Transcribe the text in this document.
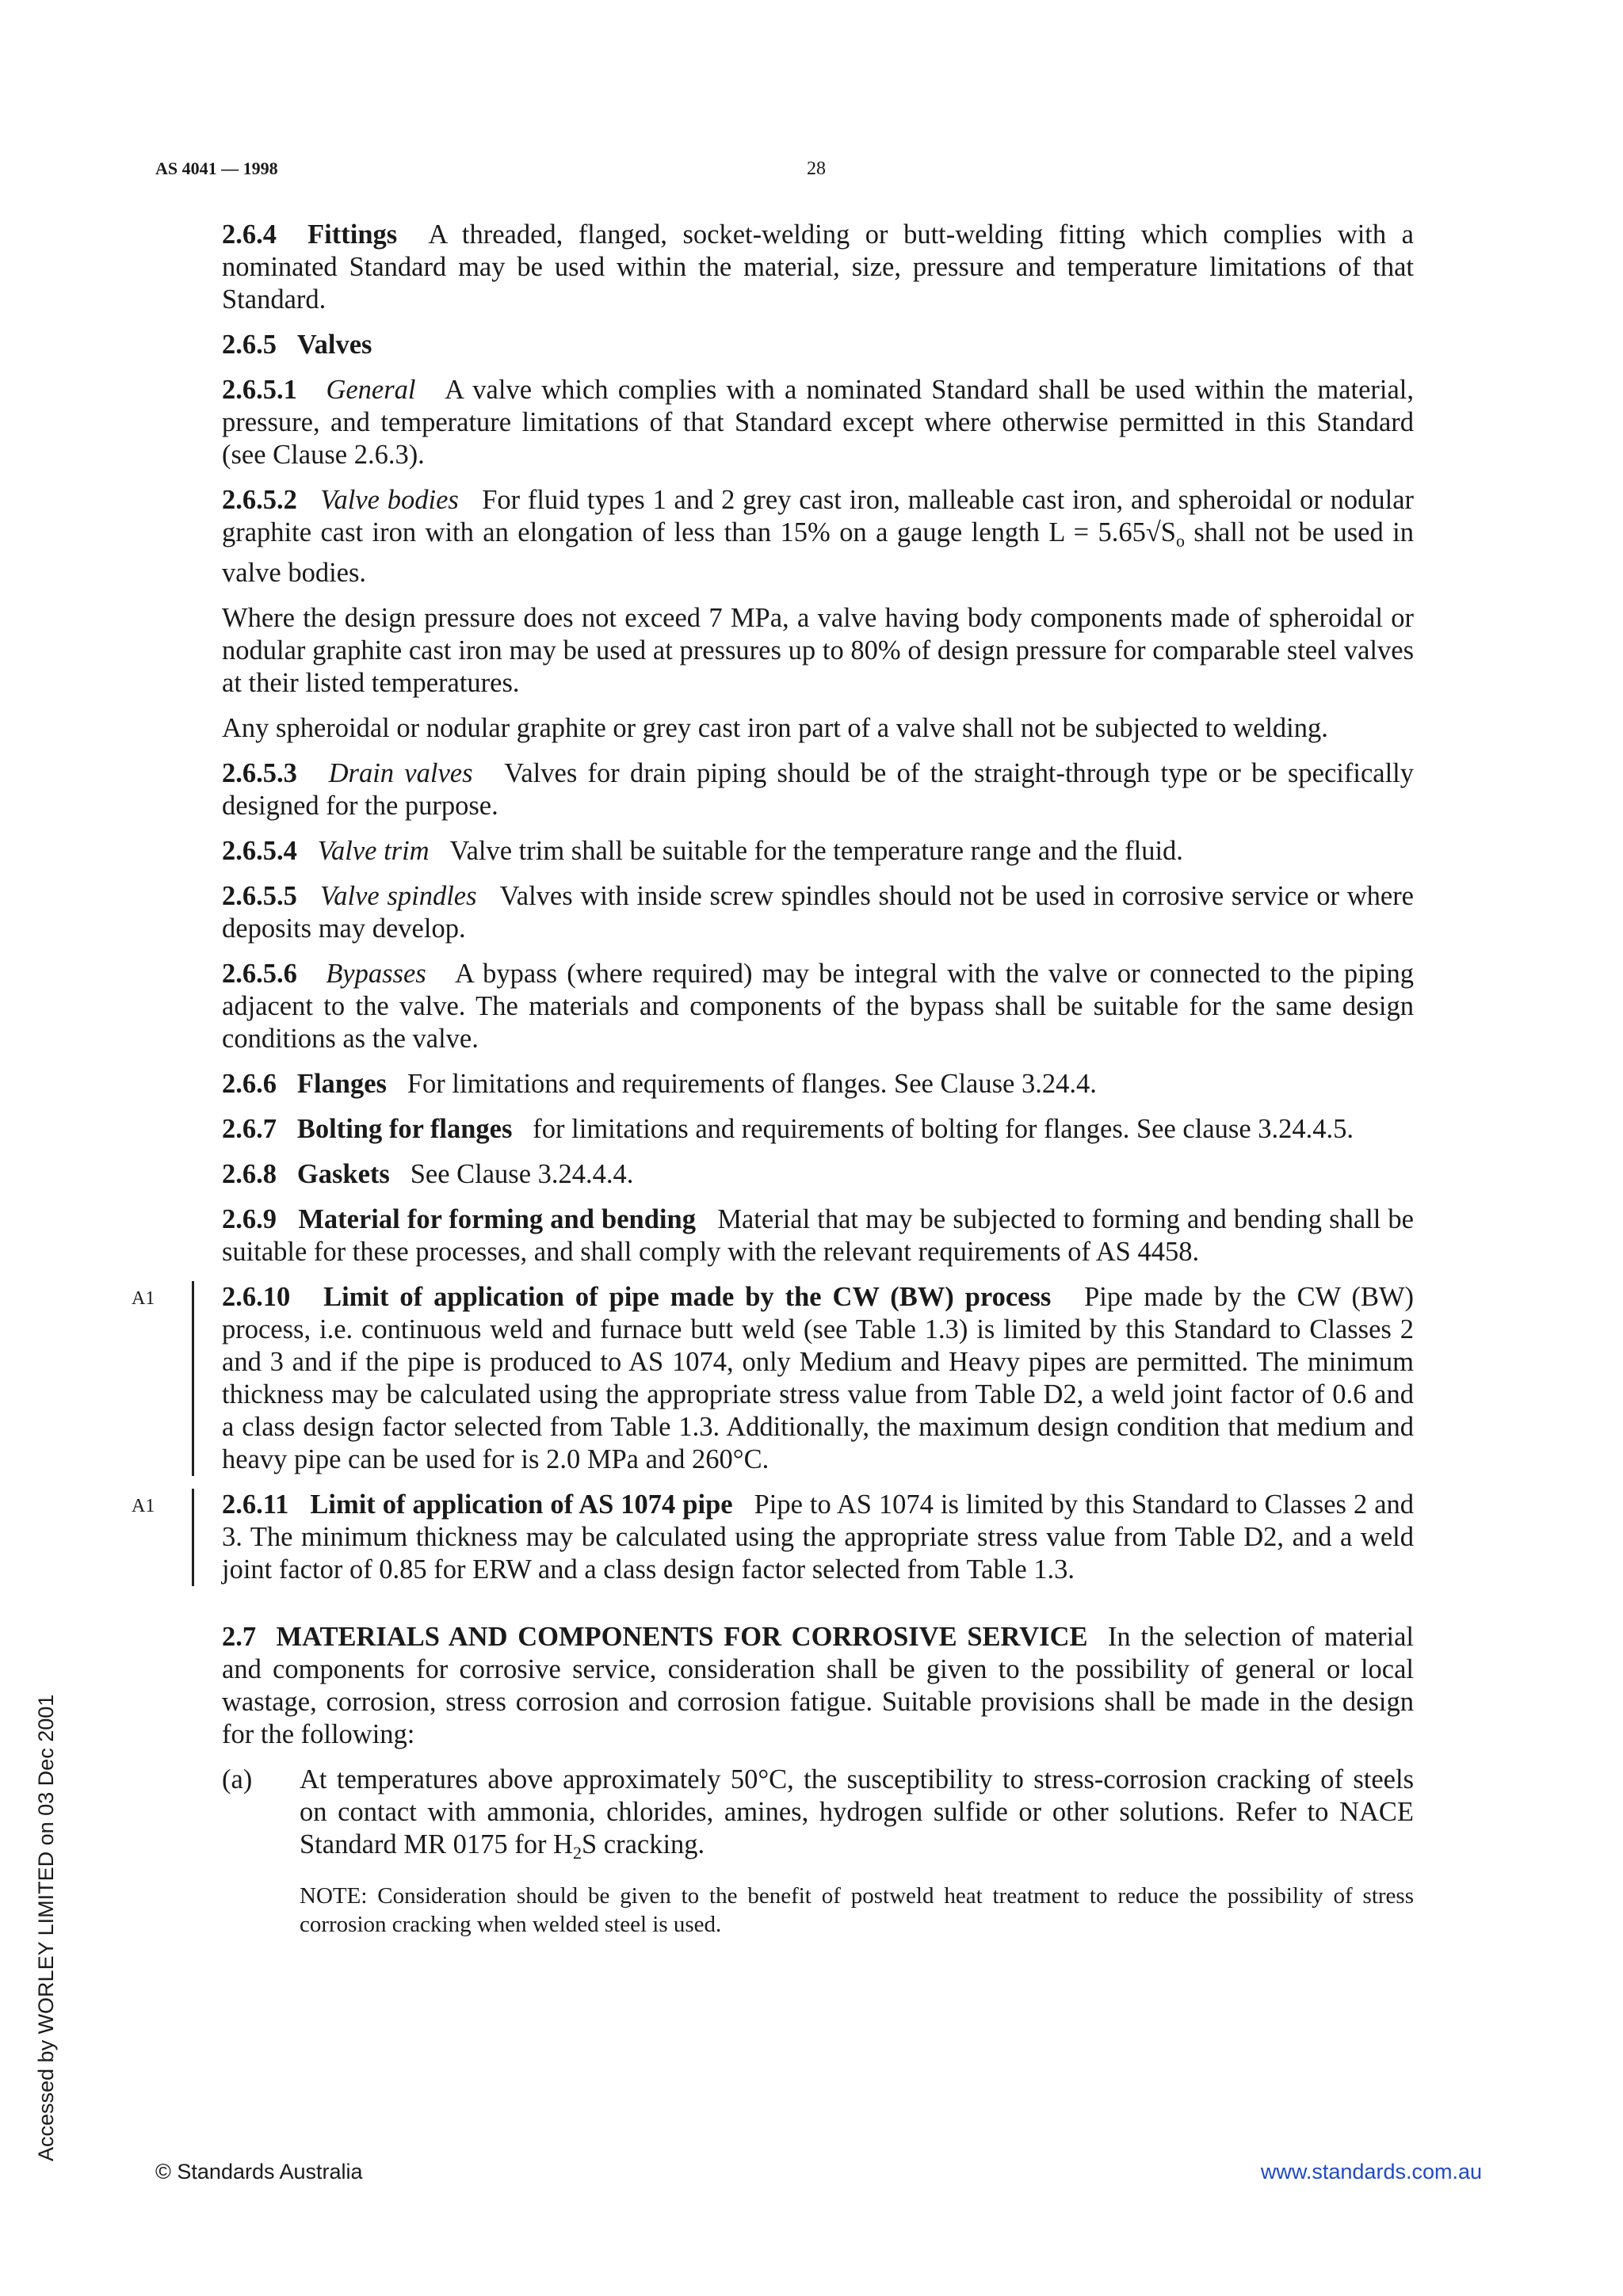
AS 4041 — 1998	28

2.6.4 Fittings A threaded, flanged, socket-welding or butt-welding fitting which complies with a nominated Standard may be used within the material, size, pressure and temperature limitations of that Standard.

2.6.5 Valves

2.6.5.1 General A valve which complies with a nominated Standard shall be used within the material, pressure, and temperature limitations of that Standard except where otherwise permitted in this Standard (see Clause 2.6.3).

2.6.5.2 Valve bodies For fluid types 1 and 2 grey cast iron, malleable cast iron, and spheroidal or nodular graphite cast iron with an elongation of less than 15% on a gauge length $L = 5.65√S_o$ shall not be used in valve bodies.

Where the design pressure does not exceed 7 MPa, a valve having body components made of spheroidal or nodular graphite cast iron may be used at pressures up to 80% of design pressure for comparable steel valves at their listed temperatures.

Any spheroidal or nodular graphite or grey cast iron part of a valve shall not be subjected to welding.

2.6.5.3 Drain valves Valves for drain piping should be of the straight-through type or be specifically designed for the purpose.

2.6.5.4 Valve trim Valve trim shall be suitable for the temperature range and the fluid.

2.6.5.5 Valve spindles Valves with inside screw spindles should not be used in corrosive service or where deposits may develop.

2.6.5.6 Bypasses A bypass (where required) may be integral with the valve or connected to the piping adjacent to the valve. The materials and components of the bypass shall be suitable for the same design conditions as the valve.

2.6.6 Flanges For limitations and requirements of flanges. See Clause 3.24.4.

2.6.7 Bolting for flanges for limitations and requirements of bolting for flanges. See clause 3.24.4.5.

2.6.8 Gaskets See Clause 3.24.4.4.

2.6.9 Material for forming and bending Material that may be subjected to forming and bending shall be suitable for these processes, and shall comply with the relevant requirements of AS 4458.

A1 2.6.10 Limit of application of pipe made by the CW (BW) process Pipe made by the CW (BW) process, i.e. continuous weld and furnace butt weld (see Table 1.3) is limited by this Standard to Classes 2 and 3 and if the pipe is produced to AS 1074, only Medium and Heavy pipes are permitted. The minimum thickness may be calculated using the appropriate stress value from Table D2, a weld joint factor of 0.6 and a class design factor selected from Table 1.3. Additionally, the maximum design condition that medium and heavy pipe can be used for is 2.0 MPa and 260°C.

A1 2.6.11 Limit of application of AS 1074 pipe Pipe to AS 1074 is limited by this Standard to Classes 2 and 3. The minimum thickness may be calculated using the appropriate stress value from Table D2, and a weld joint factor of 0.85 for ERW and a class design factor selected from Table 1.3.

2.7 MATERIALS AND COMPONENTS FOR CORROSIVE SERVICE In the selection of material and components for corrosive service, consideration shall be given to the possibility of general or local wastage, corrosion, stress corrosion and corrosion fatigue. Suitable provisions shall be made in the design for the following:

(a) At temperatures above approximately 50°C, the susceptibility to stress-corrosion cracking of steels on contact with ammonia, chlorides, amines, hydrogen sulfide or other solutions. Refer to NACE Standard MR 0175 for $H_2S$ cracking.

NOTE: Consideration should be given to the benefit of postweld heat treatment to reduce the possibility of stress corrosion cracking when welded steel is used.

Accessed by WORLEY LIMITED on 03 Dec 2001
© Standards Australia	www.standards.com.au
